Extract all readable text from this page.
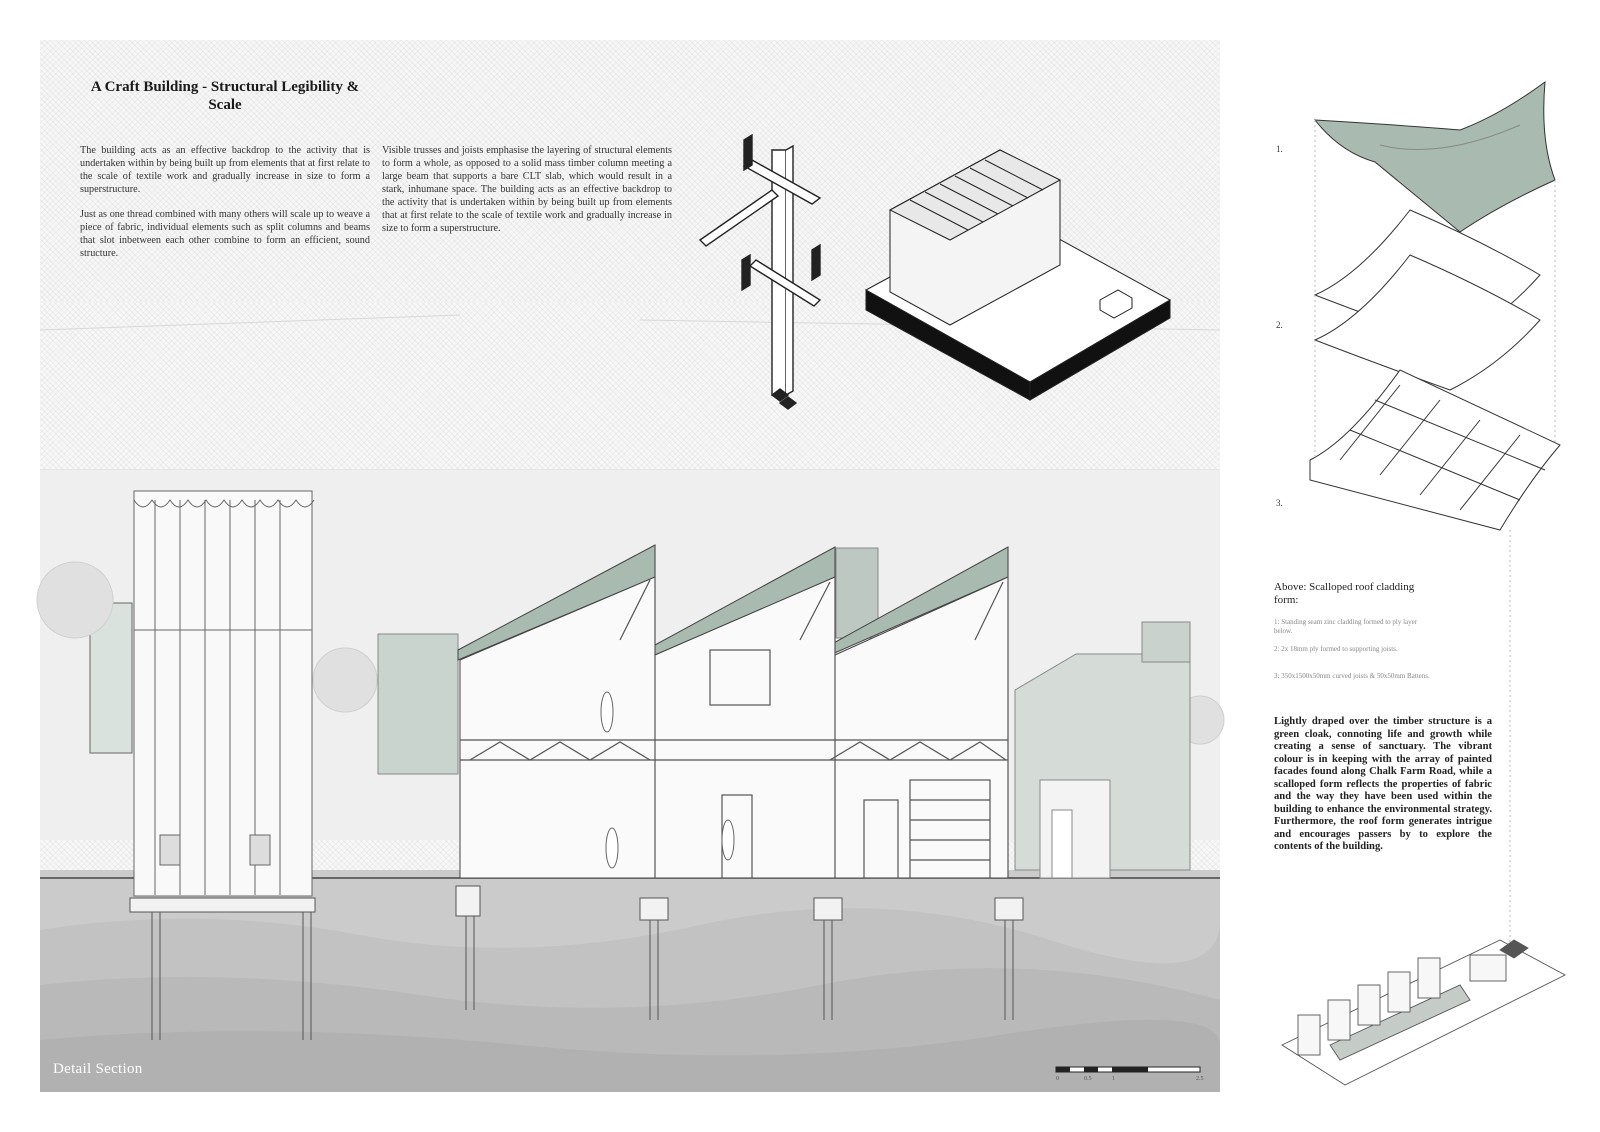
A Craft Building - Structural Legibility & Scale

The building acts as an effective backdrop to the activity that is undertaken within by being built up from elements that at first relate to the scale of textile work and gradually increase in size to form a superstructure.

Just as one thread combined with many others will scale up to weave a piece of fabric, individual elements such as split columns and beams that slot inbetween each other combine to form an efficient, sound structure.

Visible trusses and joists emphasise the layering of structural elements to form a whole, as opposed to a solid mass timber column meeting a large beam that supports a bare CLT slab, which would result in a stark, inhumane space. The building acts as an effective backdrop to the activity that is undertaken within by being built up from elements that at first relate to the scale of textile work and gradually increase in size to form a superstructure.

1.
2.
3.
Above: Scalloped roof cladding form:
1: Standing seam zinc cladding formed to ply layer below.
2: 2x 18mm ply formed to supporting joists.
3: 350x1500x50mm curved joists & 50x50mm Battens.
Lightly draped over the timber structure is a green cloak, connoting life and growth while creating a sense of sanctuary. The vibrant colour is in keeping with the array of painted facades found along Chalk Farm Road, while a scalloped form reflects the properties of fabric and the way they have been used within the building to enhance the environmental strategy. Furthermore, the roof form generates intrigue and encourages passers by to explore the contents of the building.
Detail Section
0	0.5	1	2.5
